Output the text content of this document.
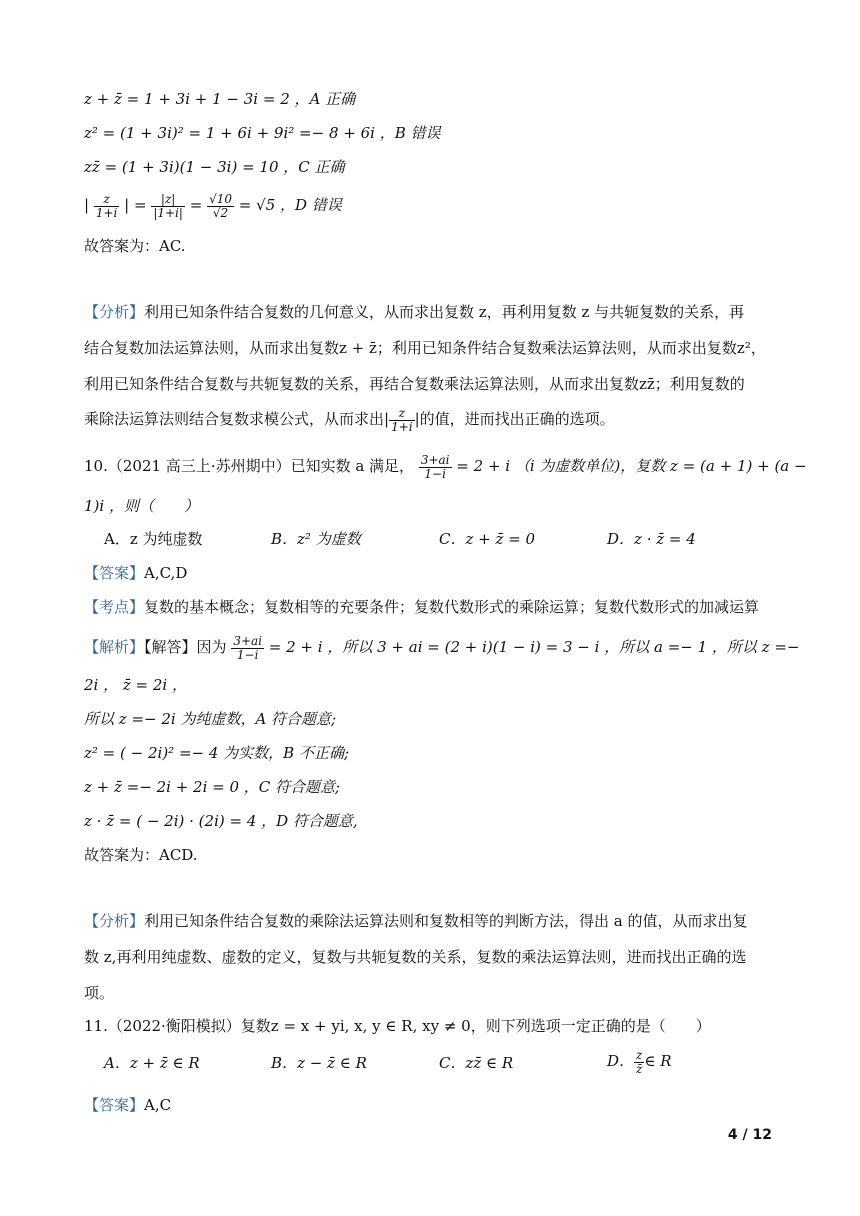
z + z̄ = 1 + 3i + 1 − 3i = 2 ，A 正确
z² = (1 + 3i)² = 1 + 6i + 9i² =− 8 + 6i ，B 错误
zz̄ = (1 + 3i)(1 − 3i) = 10 ，C 正确
| $\frac{z}{1+i}$ | = $\frac{|z|}{|1+i|} = \frac{√10}{√2} = √5$ ，D 错误
故答案为：AC.
【分析】利用已知条件结合复数的几何意义，从而求出复数 z，再利用复数 z 与共轭复数的关系，再
结合复数加法运算法则，从而求出复数z + z̄；利用已知条件结合复数乘法运算法则，从而求出复数z²，
利用已知条件结合复数与共轭复数的关系，再结合复数乘法运算法则，从而求出复数zz̄；利用复数的
乘除法运算法则结合复数求模公式，从而求出| $\frac{z}{1+i}$ |的值，进而找出正确的选项。
10.（2021 高三上·苏州期中）已知实数 a 满足， $\frac{3+ai}{1-i} = 2 + i$ （i 为虚数单位)，复数 z = (a + 1) + (a −
1)i ，则（　　）
A．z 为纯虚数	B．z² 为虚数	C．z + z̄ = 0	D．z · z̄ = 4
【答案】A,C,D
【考点】复数的基本概念；复数相等的充要条件；复数代数形式的乘除运算；复数代数形式的加减运算
【解析】【解答】因为 $\frac{3+ai}{1-i} = 2 + i$ ，所以 3 + ai = (2 + i)(1 − i) = 3 − i ，所以 a =− 1 ，所以 z =−
2i ， z̄ = 2i ，
所以 z =− 2i 为纯虚数，A 符合题意;
z² = ( − 2i)² =− 4 为实数，B 不正确;
z + z̄ =− 2i + 2i = 0 ，C 符合题意;
z · z̄ = ( − 2i) · (2i) = 4 ，D 符合题意,
故答案为：ACD.
【分析】利用已知条件结合复数的乘除法运算法则和复数相等的判断方法，得出 a 的值，从而求出复
数 z,再利用纯虚数、虚数的定义，复数与共轭复数的关系，复数的乘法运算法则，进而找出正确的选
项。
11.（2022·衡阳模拟）复数z = x + yi, x, y ∈ R, xy ≠ 0，则下列选项一定正确的是（　　）
A．z + z̄ ∈ R	B．z − z̄ ∈ R	C．zz̄ ∈ R	D． $\frac{z}{z̄}$ ∈ R
【答案】A,C
4 / 12
